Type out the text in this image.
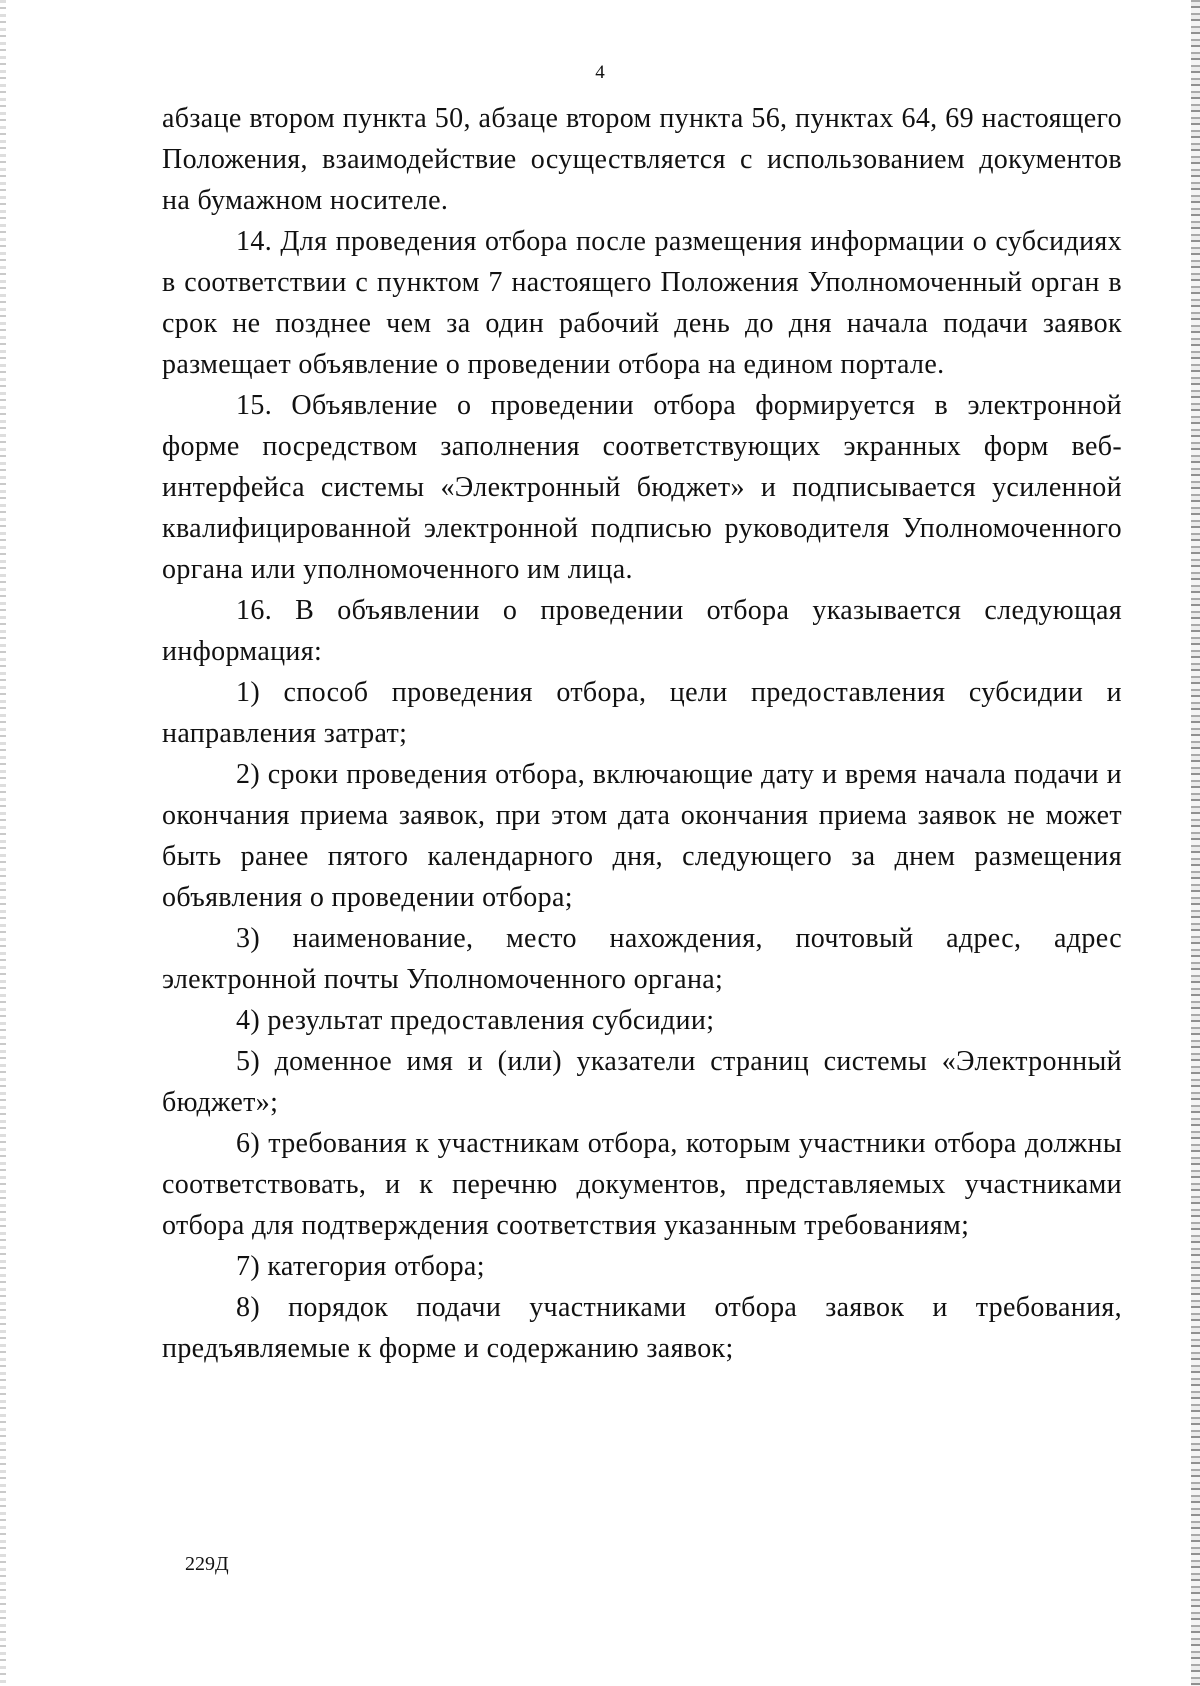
4

абзаце втором пункта 50, абзаце втором пункта 56, пунктах 64, 69 настоящего Положения, взаимодействие осуществляется с использованием документов на бумажном носителе.

14. Для проведения отбора после размещения информации о субсидиях в соответствии с пунктом 7 настоящего Положения Уполномоченный орган в срок не позднее чем за один рабочий день до дня начала подачи заявок размещает объявление о проведении отбора на едином портале.

15. Объявление о проведении отбора формируется в электронной форме посредством заполнения соответствующих экранных форм веб-интерфейса системы «Электронный бюджет» и подписывается усиленной квалифицированной электронной подписью руководителя Уполномоченного органа или уполномоченного им лица.

16. В объявлении о проведении отбора указывается следующая информация:

1) способ проведения отбора, цели предоставления субсидии и направления затрат;

2) сроки проведения отбора, включающие дату и время начала подачи и окончания приема заявок, при этом дата окончания приема заявок не может быть ранее пятого календарного дня, следующего за днем размещения объявления о проведении отбора;

3) наименование, место нахождения, почтовый адрес, адрес электронной почты Уполномоченного органа;

4) результат предоставления субсидии;

5) доменное имя и (или) указатели страниц системы «Электронный бюджет»;

6) требования к участникам отбора, которым участники отбора должны соответствовать, и к перечню документов, представляемых участниками отбора для подтверждения соответствия указанным требованиям;

7) категория отбора;

8) порядок подачи участниками отбора заявок и требования, предъявляемые к форме и содержанию заявок;

229Д
